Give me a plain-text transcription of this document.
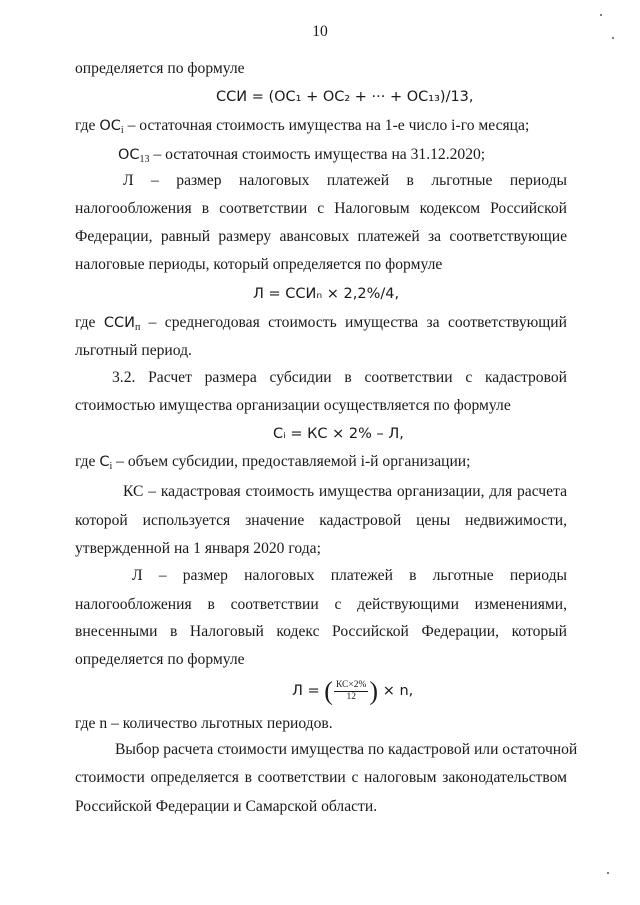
10
определяется по формуле
ССИ = (ОС₁ + ОС₂ + ··· + ОС₁₃)/13,
где $ОС_i$ – остаточная стоимость имущества на 1-е число i-го месяца;
$ОС_{13}$ – остаточная стоимость имущества на 31.12.2020;
Л – размер налоговых платежей в льготные периоды
налогообложения в соответствии с Налоговым кодексом Российской
Федерации, равный размеру авансовых платежей за соответствующие
налоговые периоды, который определяется по формуле
Л = ССИₙ × 2,2%/4,
где $ССИ_п$ – среднегодовая стоимость имущества за соответствующий
льготный период.
3.2. Расчет размера субсидии в соответствии с кадастровой
стоимостью имущества организации осуществляется по формуле
Сᵢ = КС × 2% – Л,
где $С_i$ – объем субсидии, предоставляемой i-й организации;
КС – кадастровая стоимость имущества организации, для расчета
которой используется значение кадастровой цены недвижимости,
утвержденной на 1 января 2020 года;
Л – размер налоговых платежей в льготные периоды
налогообложения в соответствии с действующими изменениями,
внесенными в Налоговый кодекс Российской Федерации, который
определяется по формуле
Л = ( $\frac{КС\times 2\%}{12}$ ) × n,
где n – количество льготных периодов.
Выбор расчета стоимости имущества по кадастровой или остаточной
стоимости определяется в соответствии с налоговым законодательством
Российской Федерации и Самарской области.
